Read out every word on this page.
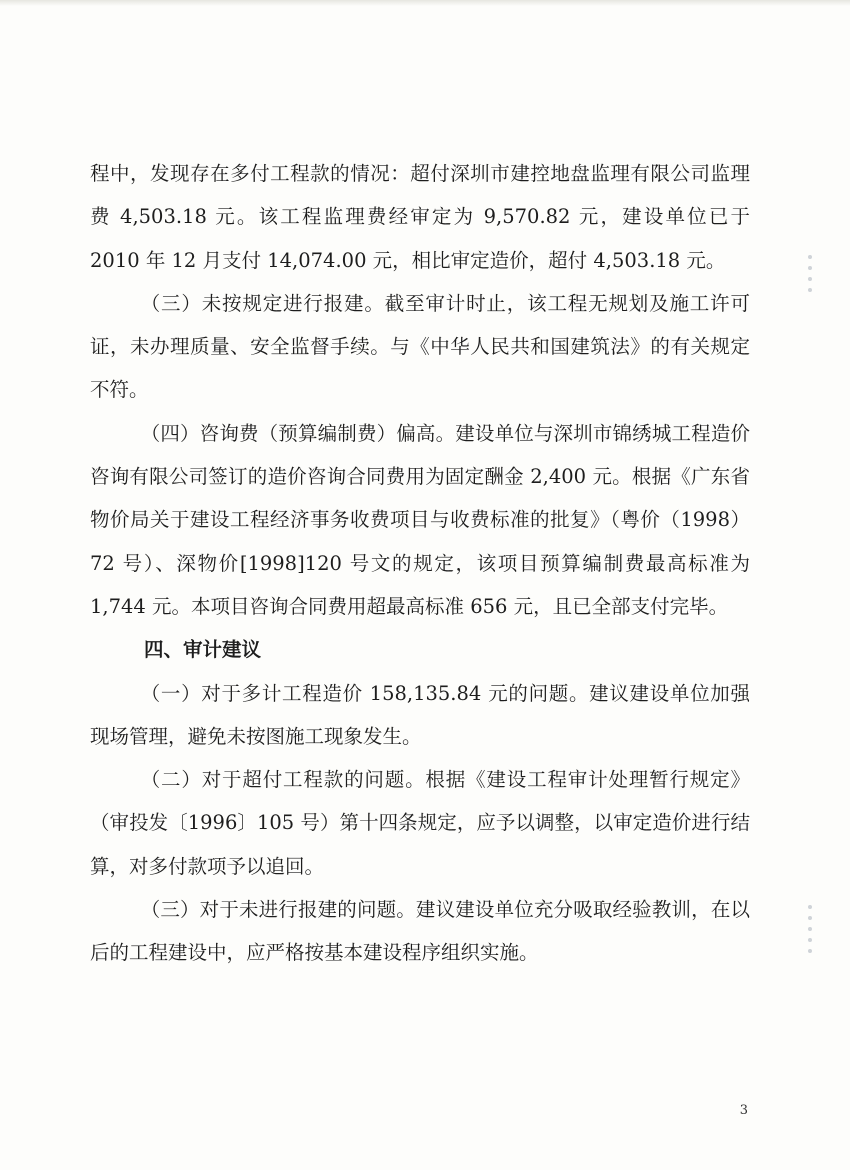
程中，发现存在多付工程款的情况：超付深圳市建控地盘监理有限公司监理费 4,503.18 元。该工程监理费经审定为 9,570.82 元，建设单位已于 2010 年 12 月支付 14,074.00 元，相比审定造价，超付 4,503.18 元。

（三）未按规定进行报建。截至审计时止，该工程无规划及施工许可证，未办理质量、安全监督手续。与《中华人民共和国建筑法》的有关规定不符。

（四）咨询费（预算编制费）偏高。建设单位与深圳市锦绣城工程造价咨询有限公司签订的造价咨询合同费用为固定酬金 2,400 元。根据《广东省物价局关于建设工程经济事务收费项目与收费标准的批复》（粤价（1998）72 号）、深物价[1998]120 号文的规定，该项目预算编制费最高标准为 1,744 元。本项目咨询合同费用超最高标准 656 元，且已全部支付完毕。

四、审计建议

（一）对于多计工程造价 158,135.84 元的问题。建议建设单位加强现场管理，避免未按图施工现象发生。

（二）对于超付工程款的问题。根据《建设工程审计处理暂行规定》（审投发〔1996〕105 号）第十四条规定，应予以调整，以审定造价进行结算，对多付款项予以追回。

（三）对于未进行报建的问题。建议建设单位充分吸取经验教训，在以后的工程建设中，应严格按基本建设程序组织实施。

3
